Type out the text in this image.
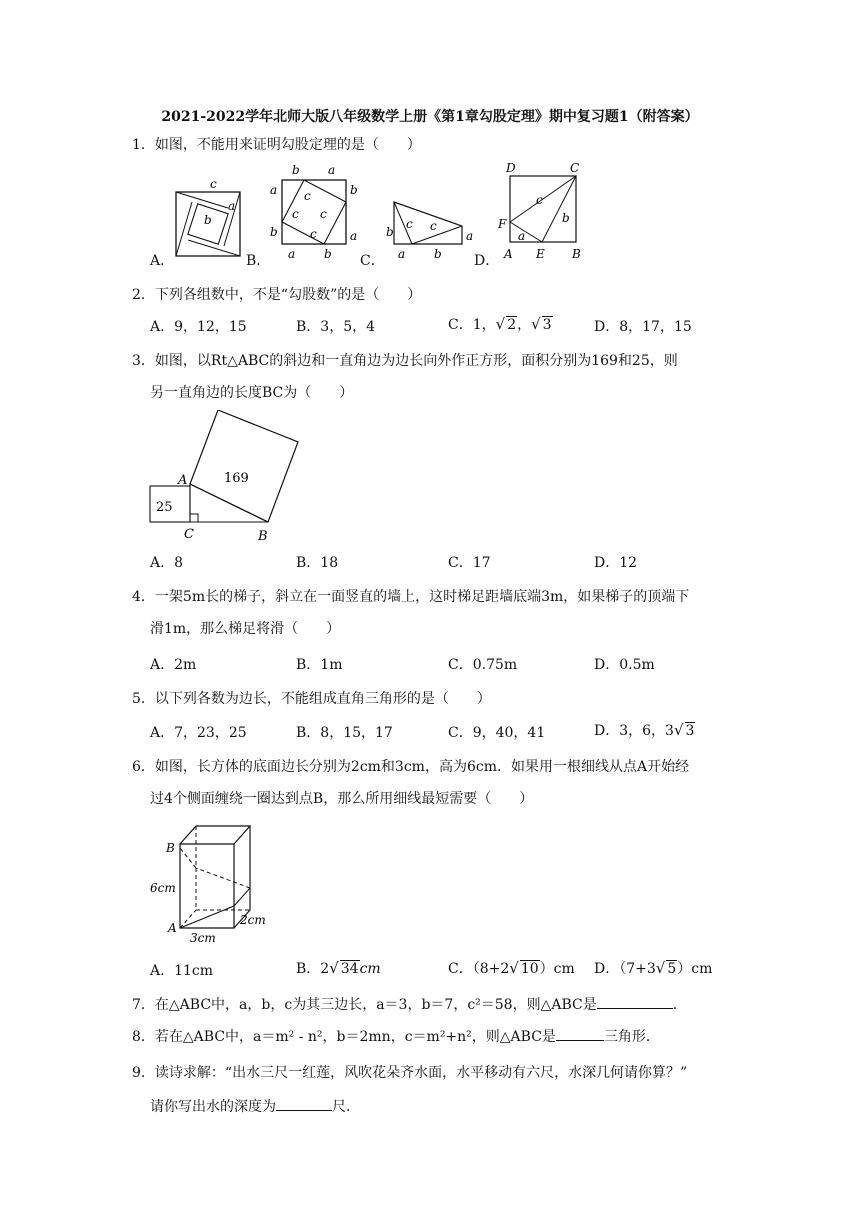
2021-2022学年北师大版八年级数学上册《第1章勾股定理》期中复习题1（附答案）
1．如图，不能用来证明勾股定理的是（　　）
c
a
b
A．
b a
a	b
c
c c
c
b	a
a b
B．
c c
b	a
a b
C．
D	C
F
A E B
c
a
b
D．
2．下列各组数中，不是“勾股数”的是（　　）
A．9，12，15	B．3，5，4	C．1，√ 2，√ 3	D．8，17，15
3．如图，以Rt△ABC的斜边和一直角边为边长向外作正方形，面积分别为169和25，则
另一直角边的长度BC为（　　）
169
25
A
B
C
A．8	B．18	C．17	D．12
4．一架5m长的梯子，斜立在一面竖直的墙上，这时梯足距墙底端3m，如果梯子的顶端下
滑1m，那么梯足将滑（　　）
A．2m	B．1m	C．0.75m	D．0.5m
5．以下列各数为边长，不能组成直角三角形的是（　　）
A．7，23，25	B．8，15，17	C．9，40，41	D．3，6，3√ 3
6．如图，长方体的底面边长分别为2cm和3cm，高为6cm．如果用一根细线从点A开始经
过4个侧面缠绕一圈达到点B，那么所用细线最短需要（　　）
B
A
6cm
3cm
2cm
A．11cm	B．2√ 34cm	C．（8+2√ 10）cm D．（7+3√ 5）cm
7．在△ABC中，a，b，c为其三边长，a＝3，b＝7，c²＝58，则△ABC是	．
8．若在△ABC中，a＝m² - n²，b＝2mn，c＝m²+n²，则△ABC是	三角形．
9．读诗求解：“出水三尺一红莲，风吹花朵齐水面，水平移动有六尺，水深几何请你算？”
请你写出水的深度为	尺．
